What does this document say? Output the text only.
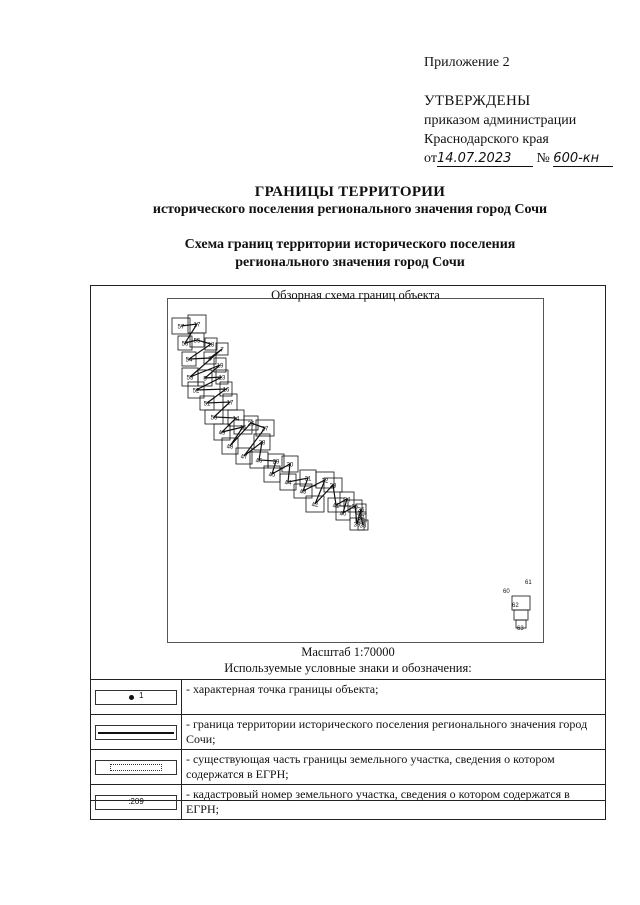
Приложение 2
УТВЕРЖДЕНЫ
приказом администрации
Краснодарского края
от14.07.2023 № 600-кн
ГРАНИЦЫ ТЕРРИТОРИИ
исторического поселения регионального значения город Сочи
Схема границ территории исторического поселения
регионального значения город Сочи
Обзорная схема границ объекта
57 17
58 55
18
54	8
7
53
19
5 13
52	16
51	17
50	14
49
15
48
26
27
47
28
46 29
45
30
44
31
43
32
42
33
41
34
40
35
39
36
37
38
60
61
62
63
Масштаб 1:70000
Используемые условные знаки и обозначения:
1	- характерная точка границы объекта;

	- граница территории исторического поселения регионального значения город Сочи;

	- существующая часть границы земельного участка, сведения о котором содержатся в ЕГРН;

:209	- кадастровый номер земельного участка, сведения о котором содержатся в ЕГРН;
